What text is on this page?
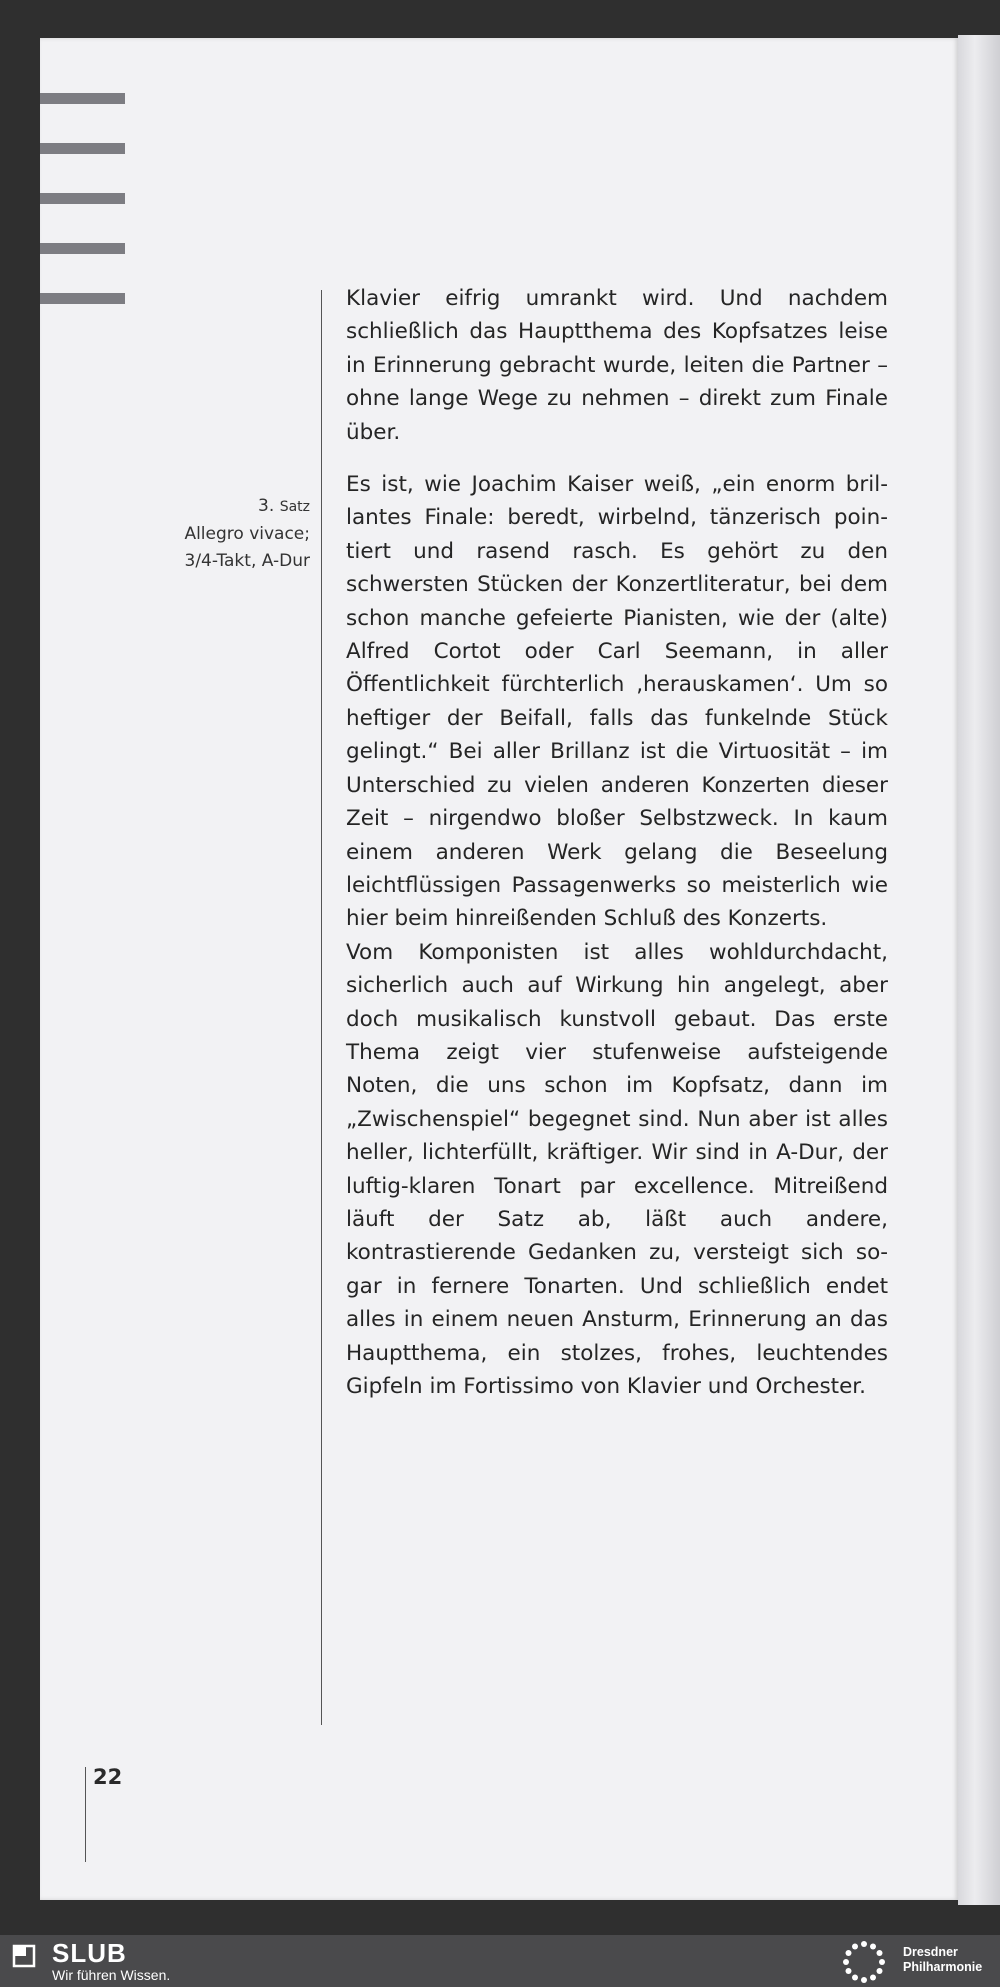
22
3. Satz
Allegro vivace;
3/4-Takt, A-Dur

Klavier eifrig umrankt wird. Und nachdem schließlich das Hauptthema des Kopfsatzes leise in Erinnerung gebracht wurde, leiten die Partner – ohne lange Wege zu nehmen – direkt zum Finale über.

Es ist, wie Joachim Kaiser weiß, „ein enorm brillantes Finale: beredt, wirbelnd, tänzerisch pointiert und rasend rasch. Es gehört zu den schwersten Stücken der Konzertliteratur, bei dem schon manche gefeierte Pianisten, wie der (alte) Alfred Cortot oder Carl Seemann, in aller Öffentlichkeit fürchterlich ‚herauskamen‘. Um so heftiger der Beifall, falls das funkelnde Stück gelingt.“ Bei aller Brillanz ist die Virtuosität – im Unterschied zu vielen anderen Konzerten dieser Zeit – nirgendwo bloßer Selbstzweck. In kaum einem anderen Werk gelang die Beseelung leichtflüssigen Passagenwerks so meisterlich wie hier beim hinreißenden Schluß des Konzerts.

Vom Komponisten ist alles wohldurchdacht, sicherlich auch auf Wirkung hin angelegt, aber doch musikalisch kunstvoll gebaut. Das erste Thema zeigt vier stufenweise aufsteigende Noten, die uns schon im Kopfsatz, dann im „Zwischenspiel“ begegnet sind. Nun aber ist alles heller, lichterfüllt, kräftiger. Wir sind in A-Dur, der luftig-klaren Tonart par excellence. Mitreißend läuft der Satz ab, läßt auch andere, kontrastierende Gedanken zu, versteigt sich sogar in fernere Tonarten. Und schließlich endet alles in einem neuen Ansturm, Erinnerung an das Hauptthema, ein stolzes, frohes, leuchtendes Gipfeln im Fortissimo von Klavier und Orchester.

SLUB
Wir führen Wissen.
Dresdner
Philharmonie
